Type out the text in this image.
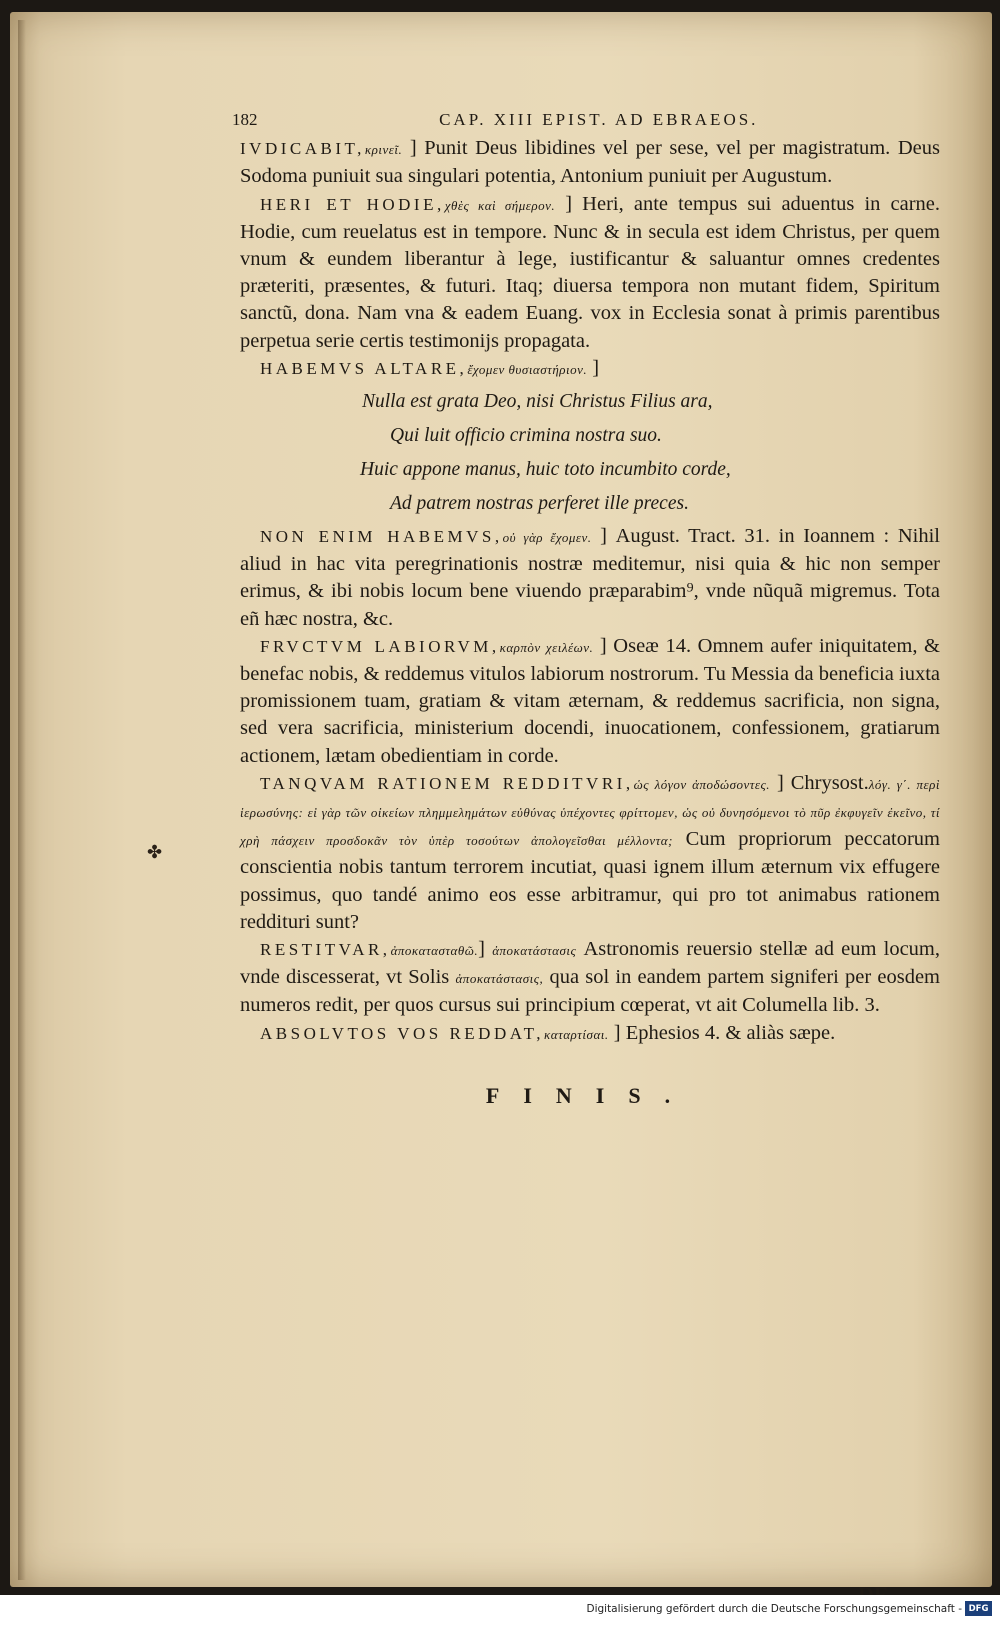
✤
182	CAP. XIII EPIST. AD EBRAEOS.

IVDICABIT,κρινεῖ. ] Punit Deus libidines vel per sese, vel per magistratum. Deus Sodoma puniuit sua singulari potentia, Antonium puniuit per Augustum.

HERI ET HODIE,χθὲς καὶ σήμερον. ] Heri, ante tempus sui aduentus in carne. Hodie, cum reuelatus est in tempore. Nunc & in secula est idem Christus, per quem vnum & eundem liberantur à lege, iustificantur & saluantur omnes credentes præteriti, præsentes, & futuri. Itaq; diuersa tempora non mutant fidem, Spiritum sanctũ, dona. Nam vna & eadem Euang. vox in Ecclesia sonat à primis parentibus perpetua serie certis testimonijs propagata.

HABEMVS ALTARE,ἔχομεν θυσιαστήριον. ]

Nulla est grata Deo, nisi Christus Filius ara,
Qui luit officio crimina nostra suo.
Huic appone manus, huic toto incumbito corde,
Ad patrem nostras perferet ille preces.

NON ENIM HABEMVS,οὐ γὰρ ἔχομεν. ] August. Tract. 31. in Ioannem : Nihil aliud in hac vita peregrinationis nostræ meditemur, nisi quia & hic non semper erimus, & ibi nobis locum bene viuendo præparabim⁹, vnde nũquã migremus. Tota eñ hæc nostra, &c.

FRVCTVM LABIORVM,καρπὸν χειλέων. ] Oseæ 14. Omnem aufer iniquitatem, & benefac nobis, & reddemus vitulos labiorum nostrorum. Tu Messia da beneficia iuxta promissionem tuam, gratiam & vitam æternam, & reddemus sacrificia, non signa, sed vera sacrificia, ministerium docendi, inuocationem, confessionem, gratiarum actionem, lætam obedientiam in corde.

TANQVAM RATIONEM REDDITVRI,ὡς λόγον ἀποδώσοντες. ] Chrysost.λόγ. γ΄. περὶ ἱερωσύνης: εἰ γὰρ τῶν οἰκείων πλημμελημάτων εὐθύνας ὑπέχοντες φρίττομεν, ὡς οὐ δυνησόμενοι τὸ πῦρ ἐκφυγεῖν ἐκεῖνο, τί χρὴ πάσχειν προσδοκᾶν τὸν ὑπὲρ τοσούτων ἀπολογεῖσθαι μέλλοντα; Cum propriorum peccatorum conscientia nobis tantum terrorem incutiat, quasi ignem illum æternum vix effugere possimus, quo tandé animo eos esse arbitramur, qui pro tot animabus rationem reddituri sunt?

RESTITVAR,ἀποκατασταθῶ.] ἀποκατάστασις Astronomis reuersio stellæ ad eum locum, vnde discesserat, vt Solis ἀποκατάστασις, qua sol in eandem partem signiferi per eosdem numeros redit, per quos cursus sui principium cœperat, vt ait Columella lib. 3.

ABSOLVTOS VOS REDDAT,καταρτίσαι. ] Ephesios 4. & aliàs sæpe.

FINIS.
Digitalisierung gefördert durch die Deutsche Forschungsgemeinschaft - DFG
